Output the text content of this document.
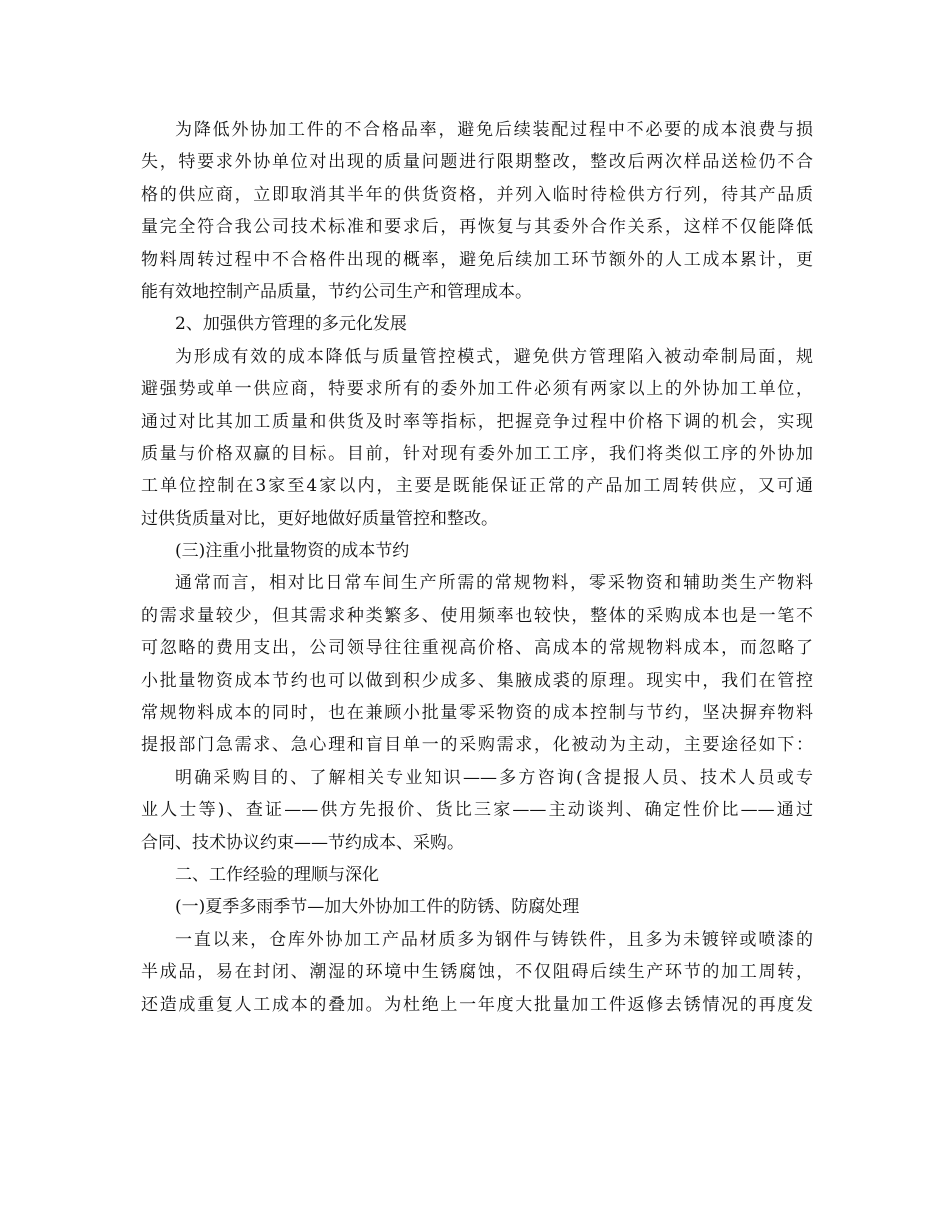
为降低外协加工件的不合格品率，避免后续装配过程中不必要的成本浪费与损
失，特要求外协单位对出现的质量问题进行限期整改，整改后两次样品送检仍不合
格的供应商，立即取消其半年的供货资格，并列入临时待检供方行列，待其产品质
量完全符合我公司技术标准和要求后，再恢复与其委外合作关系，这样不仅能降低
物料周转过程中不合格件出现的概率，避免后续加工环节额外的人工成本累计，更
能有效地控制产品质量，节约公司生产和管理成本。
2、加强供方管理的多元化发展
为形成有效的成本降低与质量管控模式，避免供方管理陷入被动牵制局面，规
避强势或单一供应商，特要求所有的委外加工件必须有两家以上的外协加工单位，
通过对比其加工质量和供货及时率等指标，把握竞争过程中价格下调的机会，实现
质量与价格双赢的目标。目前，针对现有委外加工工序，我们将类似工序的外协加
工单位控制在3家至4家以内，主要是既能保证正常的产品加工周转供应，又可通
过供货质量对比，更好地做好质量管控和整改。
(三)注重小批量物资的成本节约
通常而言，相对比日常车间生产所需的常规物料，零采物资和辅助类生产物料
的需求量较少，但其需求种类繁多、使用频率也较快，整体的采购成本也是一笔不
可忽略的费用支出，公司领导往往重视高价格、高成本的常规物料成本，而忽略了
小批量物资成本节约也可以做到积少成多、集腋成裘的原理。现实中，我们在管控
常规物料成本的同时，也在兼顾小批量零采物资的成本控制与节约，坚决摒弃物料
提报部门急需求、急心理和盲目单一的采购需求，化被动为主动，主要途径如下：
明确采购目的、了解相关专业知识——多方咨询(含提报人员、技术人员或专
业人士等)、查证——供方先报价、货比三家——主动谈判、确定性价比——通过
合同、技术协议约束——节约成本、采购。
二、工作经验的理顺与深化
(一)夏季多雨季节—加大外协加工件的防锈、防腐处理
一直以来，仓库外协加工产品材质多为钢件与铸铁件，且多为未镀锌或喷漆的
半成品，易在封闭、潮湿的环境中生锈腐蚀，不仅阻碍后续生产环节的加工周转，
还造成重复人工成本的叠加。为杜绝上一年度大批量加工件返修去锈情况的再度发
